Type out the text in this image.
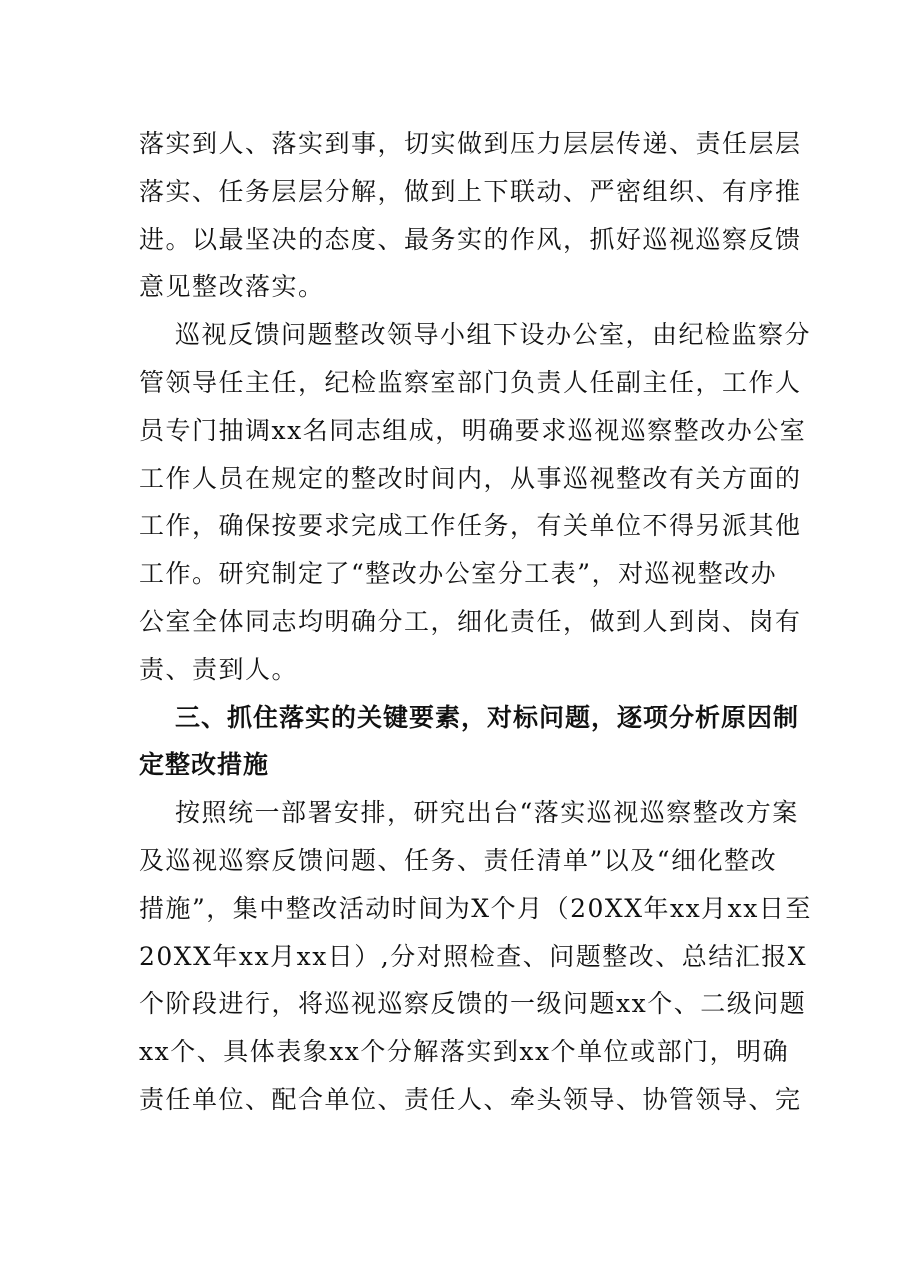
落实到人、落实到事，切实做到压力层层传递、责任层层
落实、任务层层分解，做到上下联动、严密组织、有序推
进。以最坚决的态度、最务实的作风，抓好巡视巡察反馈
意见整改落实。
巡视反馈问题整改领导小组下设办公室，由纪检监察分
管领导任主任，纪检监察室部门负责人任副主任，工作人
员专门抽调xx名同志组成，明确要求巡视巡察整改办公室
工作人员在规定的整改时间内，从事巡视整改有关方面的
工作，确保按要求完成工作任务，有关单位不得另派其他
工作。研究制定了“整改办公室分工表”，对巡视整改办
公室全体同志均明确分工，细化责任，做到人到岗、岗有
责、责到人。
三、抓住落实的关键要素，对标问题，逐项分析原因制
定整改措施
按照统一部署安排，研究出台“落实巡视巡察整改方案
及巡视巡察反馈问题、任务、责任清单”以及“细化整改
措施”，集中整改活动时间为X个月（20XX年xx月xx日至
20XX年xx月xx日）,分对照检查、问题整改、总结汇报X
个阶段进行，将巡视巡察反馈的一级问题xx个、二级问题
xx个、具体表象xx个分解落实到xx个单位或部门，明确
责任单位、配合单位、责任人、牵头领导、协管领导、完
